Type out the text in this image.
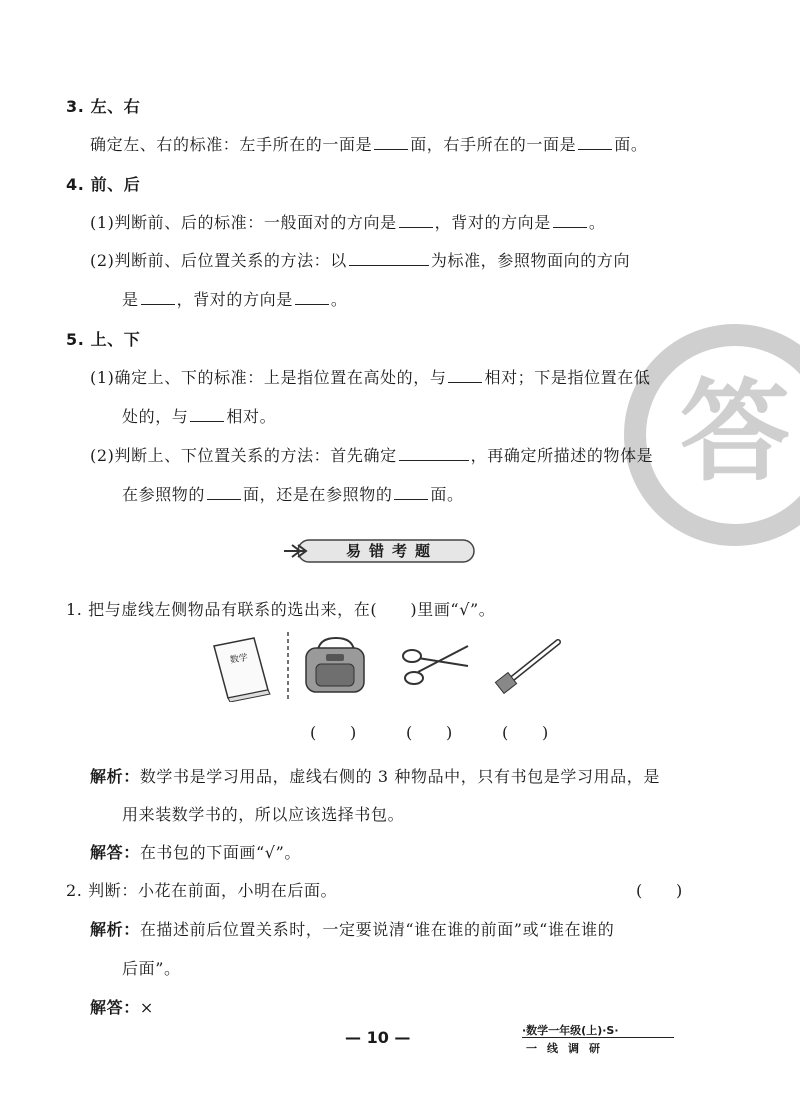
答
3. 左、右
确定左、右的标准：左手所在的一面是 面，右手所在的一面是 面。
4. 前、后
(1)判断前、后的标准：一般面对的方向是 ，背对的方向是 。
(2)判断前、后位置关系的方法：以	为标准，参照物面向的方向
是 ，背对的方向是 。
5. 上、下
(1)确定上、下的标准：上是指位置在高处的，与 相对；下是指位置在低
处的，与 相对。
(2)判断上、下位置关系的方法：首先确定	，再确定所描述的物体是
在参照物的 面，还是在参照物的 面。
易错考题
1. 把与虚线左侧物品有联系的选出来，在(　　)里画“√”。
数学
(　　)	(　　)	(　　)
解析：数学书是学习用品，虚线右侧的 3 种物品中，只有书包是学习用品，是
用来装数学书的，所以应该选择书包。
解答：在书包的下面画“√”。
2. 判断：小花在前面，小明在后面。	(　　)
解析：在描述前后位置关系时，一定要说清“谁在谁的前面”或“谁在谁的
后面”。
解答：×
— 10 —	·数学一年级(上)·S·
一线调研
